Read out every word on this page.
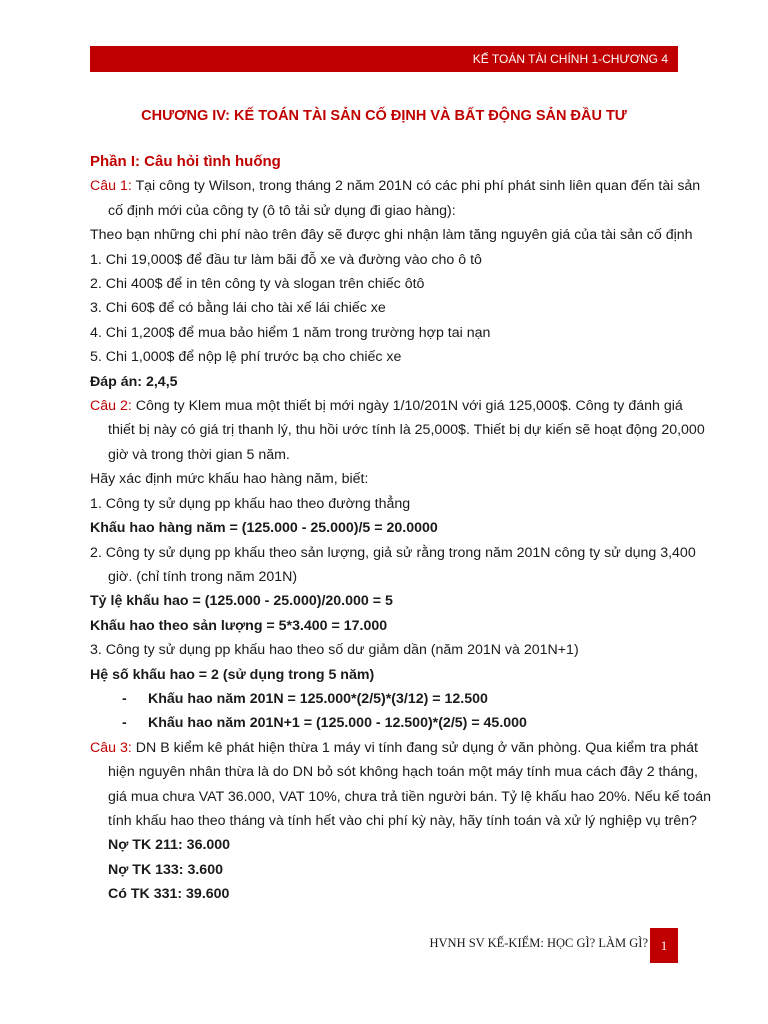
KẾ TOÁN TÀI CHÍNH 1-CHƯƠNG 4
CHƯƠNG IV: KẾ TOÁN TÀI SẢN CỐ ĐỊNH VÀ BẤT ĐỘNG SẢN ĐẦU TƯ
Phần I: Câu hỏi tình huống
Câu 1: Tại công ty Wilson, trong tháng 2 năm 201N có các phi phí phát sinh liên quan đến tài sản
cố định mới của công ty (ô tô tải sử dụng đi giao hàng):
Theo bạn những chi phí nào trên đây sẽ được ghi nhận làm tăng nguyên giá của tài sản cố định
1. Chi 19,000$ để đầu tư làm bãi đỗ xe và đường vào cho ô tô
2. Chi 400$ để in tên công ty và slogan trên chiếc ôtô
3. Chi 60$ để có bằng lái cho tài xế lái chiếc xe
4. Chi 1,200$ để mua bảo hiểm 1 năm trong trường hợp tai nạn
5. Chi 1,000$ để nộp lệ phí trước bạ cho chiếc xe
Đáp án: 2,4,5
Câu 2: Công ty Klem mua một thiết bị mới ngày 1/10/201N với giá 125,000$. Công ty đánh giá
thiết bị này có giá trị thanh lý, thu hồi ước tính là 25,000$. Thiết bị dự kiến sẽ hoạt động 20,000
giờ và trong thời gian 5 năm.
Hãy xác định mức khấu hao hàng năm, biết:
1. Công ty sử dụng pp khấu hao theo đường thẳng
Khấu hao hàng năm = (125.000 - 25.000)/5 = 20.0000
2. Công ty sử dụng pp khấu theo sản lượng, giả sử rằng trong năm 201N công ty sử dụng 3,400
giờ. (chỉ tính trong năm 201N)
Tỷ lệ khấu hao = (125.000 - 25.000)/20.000 = 5
Khấu hao theo sản lượng = 5*3.400 = 17.000
3. Công ty sử dụng pp khấu hao theo số dư giảm dần (năm 201N và 201N+1)
Hệ số khấu hao = 2 (sử dụng trong 5 năm)
- Khấu hao năm 201N = 125.000*(2/5)*(3/12) = 12.500
- Khấu hao năm 201N+1 = (125.000 - 12.500)*(2/5) = 45.000
Câu 3: DN B kiểm kê phát hiện thừa 1 máy vi tính đang sử dụng ở văn phòng. Qua kiểm tra phát
hiện nguyên nhân thừa là do DN bỏ sót không hạch toán một máy tính mua cách đây 2 tháng,
giá mua chưa VAT 36.000, VAT 10%, chưa trả tiền người bán. Tỷ lệ khấu hao 20%. Nếu kế toán
tính khấu hao theo tháng và tính hết vào chi phí kỳ này, hãy tính toán và xử lý nghiệp vụ trên?
Nợ TK 211: 36.000
Nợ TK 133: 3.600
Có TK 331: 39.600
HVNH SV KẾ-KIỂM: HỌC GÌ? LÀM GÌ? 1
